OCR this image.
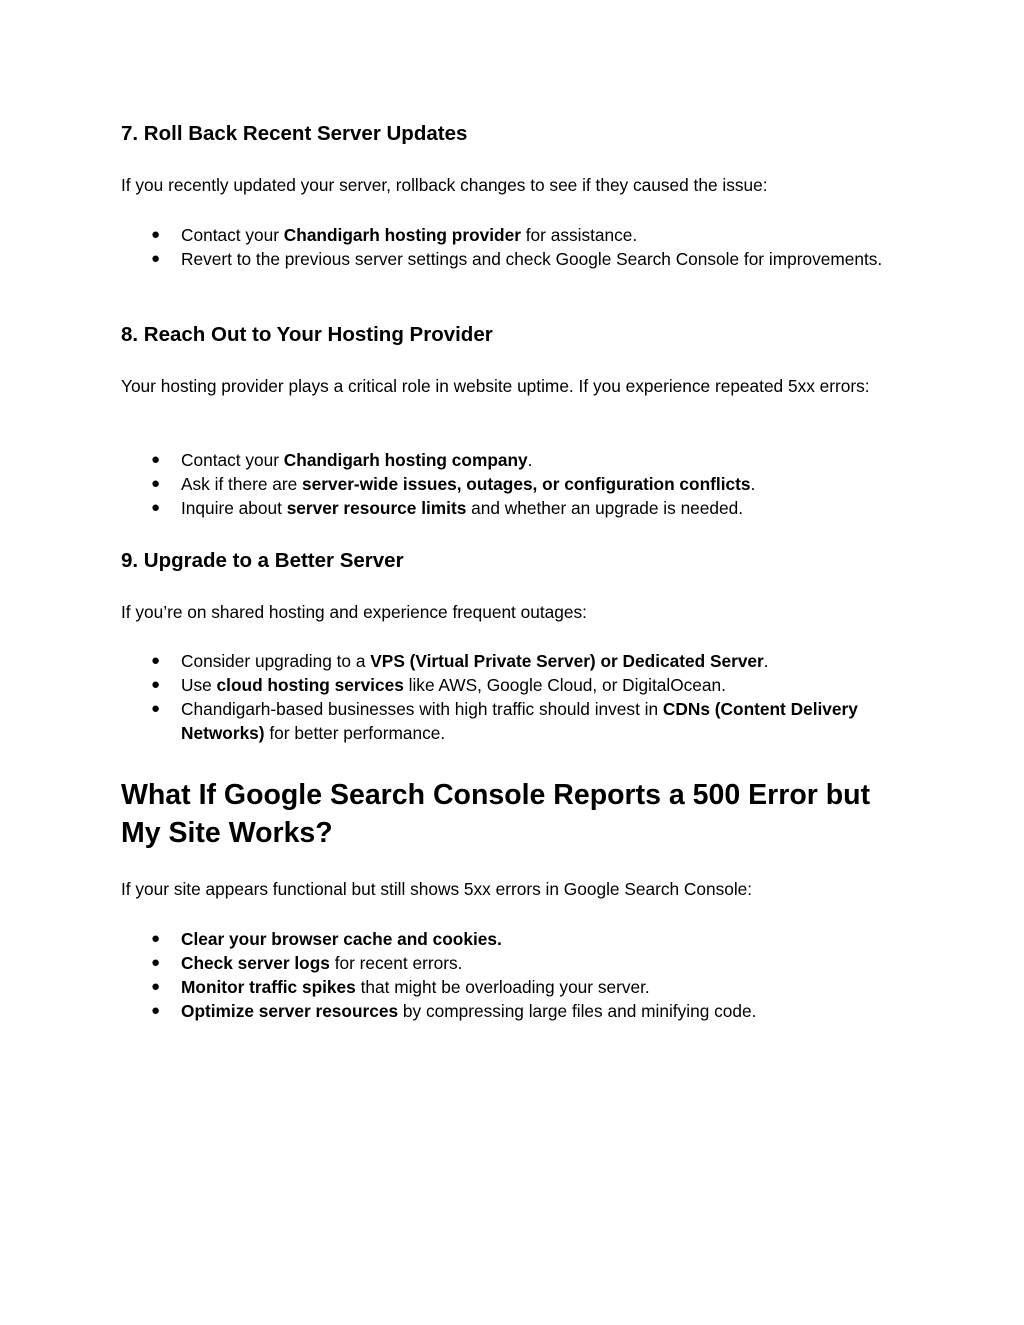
7. Roll Back Recent Server Updates

If you recently updated your server, rollback changes to see if they caused the issue:

● Contact your Chandigarh hosting provider for assistance.
● Revert to the previous server settings and check Google Search Console for improvements.
8. Reach Out to Your Hosting Provider

Your hosting provider plays a critical role in website uptime. If you experience repeated 5xx errors:

● Contact your Chandigarh hosting company.
● Ask if there are server-wide issues, outages, or configuration conflicts.
● Inquire about server resource limits and whether an upgrade is needed.
9. Upgrade to a Better Server

If you’re on shared hosting and experience frequent outages:

● Consider upgrading to a VPS (Virtual Private Server) or Dedicated Server.
● Use cloud hosting services like AWS, Google Cloud, or DigitalOcean.
● Chandigarh-based businesses with high traffic should invest in CDNs (Content Delivery Networks) for better performance.
What If Google Search Console Reports a 500 Error but My Site Works?

If your site appears functional but still shows 5xx errors in Google Search Console:

● Clear your browser cache and cookies.
● Check server logs for recent errors.
● Monitor traffic spikes that might be overloading your server.
● Optimize server resources by compressing large files and minifying code.
